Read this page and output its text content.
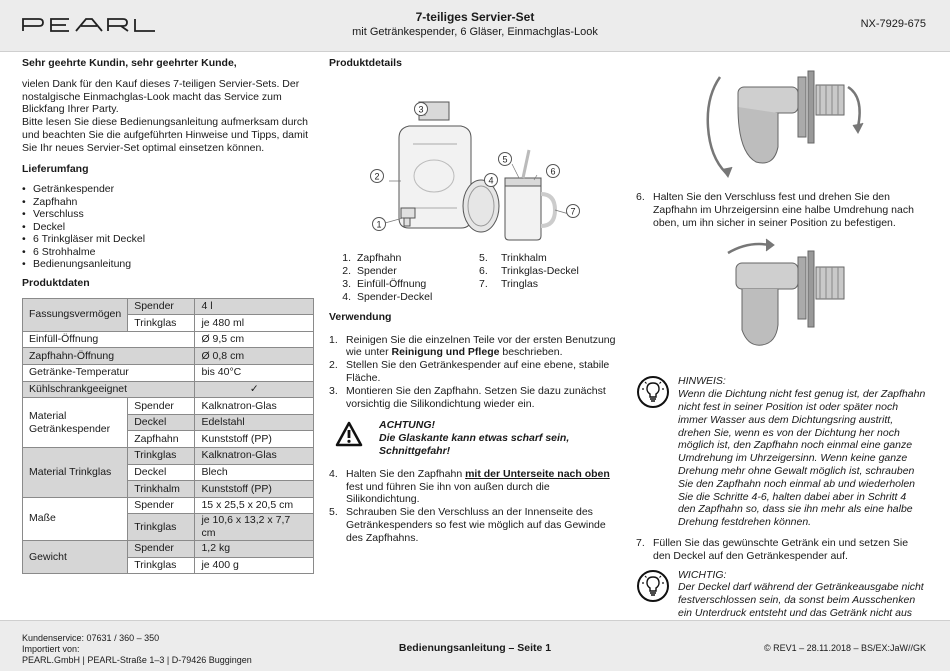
7-teiliges Servier-Set
mit Getränkespender, 6 Gläser, Einmachglas-Look
NX-7929-675
Sehr geehrte Kundin, sehr geehrter Kunde,

vielen Dank für den Kauf dieses 7-teiligen Servier-Sets. Der nostalgische Einmachglas-Look macht das Service zum Blickfang Ihrer Party.

Bitte lesen Sie diese Bedienungsanleitung aufmerksam durch und beachten Sie die aufgeführten Hinweise und Tipps, damit Sie Ihr neues Servier-Set optimal einsetzen können.

Lieferumfang
• Getränkespender
• Zapfhahn
• Verschluss
• Deckel
• 6 Trinkgläser mit Deckel
• 6 Strohhalme
• Bedienungsanleitung
Produktdaten
Fassungsvermögen	Spender	4 l
	Trinkglas	je 480 ml
Einfüll-Öffnung		Ø 9,5 cm
Zapfhahn-Öffnung		Ø 0,8 cm
Getränke-Temperatur		bis 40°C
Kühlschrankgeeignet		✓
Material Getränkespender	Spender	Kalknatron-Glas
	Deckel	Edelstahl
	Zapfhahn	Kunststoff (PP)
Material Trinkglas	Trinkglas	Kalknatron-Glas
	Deckel	Blech
	Trinkhalm	Kunststoff (PP)
Maße	Spender	15 x 25,5 x 20,5 cm
	Trinkglas	je 10,6 x 13,2 x 7,7 cm
Gewicht	Spender	1,2 kg
	Trinkglas	je 400 g
Produktdetails
3
2
1
4
5
6
7
1. Zapfhahn	5. Trinkhalm
2. Spender	6. Trinkglas-Deckel
3. Einfüll-Öffnung	7. Tringlas
4. Spender-Deckel
Verwendung
1. Reinigen Sie die einzelnen Teile vor der ersten Benutzung wie unter Reinigung und Pflege beschrieben.
2. Stellen Sie den Getränkespender auf eine ebene, stabile Fläche.
3. Montieren Sie den Zapfhahn. Setzen Sie dazu zunächst vorsichtig die Silikondichtung wieder ein.
ACHTUNG!
Die Glaskante kann etwas scharf sein, Schnittgefahr!
4. Halten Sie den Zapfhahn mit der Unterseite nach oben fest und führen Sie ihn von außen durch die Silikondichtung.
5. Schrauben Sie den Verschluss an der Innenseite des Getränkespenders so fest wie möglich auf das Gewinde des Zapfhahns.
6. Halten Sie den Verschluss fest und drehen Sie den Zapfhahn im Uhrzeigersinn eine halbe Umdrehung nach oben, um ihn sicher in seiner Position zu befestigen.
HINWEIS:
Wenn die Dichtung nicht fest genug ist, der Zapfhahn nicht fest in seiner Position ist oder später noch immer Wasser aus dem Dichtungsring austritt, drehen Sie, wenn es von der Dichtung her noch möglich ist, den Zapfhahn noch einmal eine ganze Umdrehung im Uhrzeigersinn. Wenn keine ganze Drehung mehr ohne Gewalt möglich ist, schrauben Sie den Zapfhahn noch einmal ab und wiederholen Sie die Schritte 4-6, halten dabei aber in Schritt 4 den Zapfhahn so, dass sie ihn mehr als eine halbe Drehung festdrehen können.
7. Füllen Sie das gewünschte Getränk ein und setzen Sie den Deckel auf den Getränkespender auf.
WICHTIG:
Der Deckel darf während der Getränkeausgabe nicht festverschlossen sein, da sonst beim Ausschenken ein Unterdruck entsteht und das Getränk nicht aus
Kundenservice: 07631 / 360 – 350
Importiert von:
PEARL.GmbH | PEARL-Straße 1–3 | D-79426 Buggingen
Bedienungsanleitung – Seite 1	© REV1 – 28.11.2018 – BS/EX:JaW//GK
